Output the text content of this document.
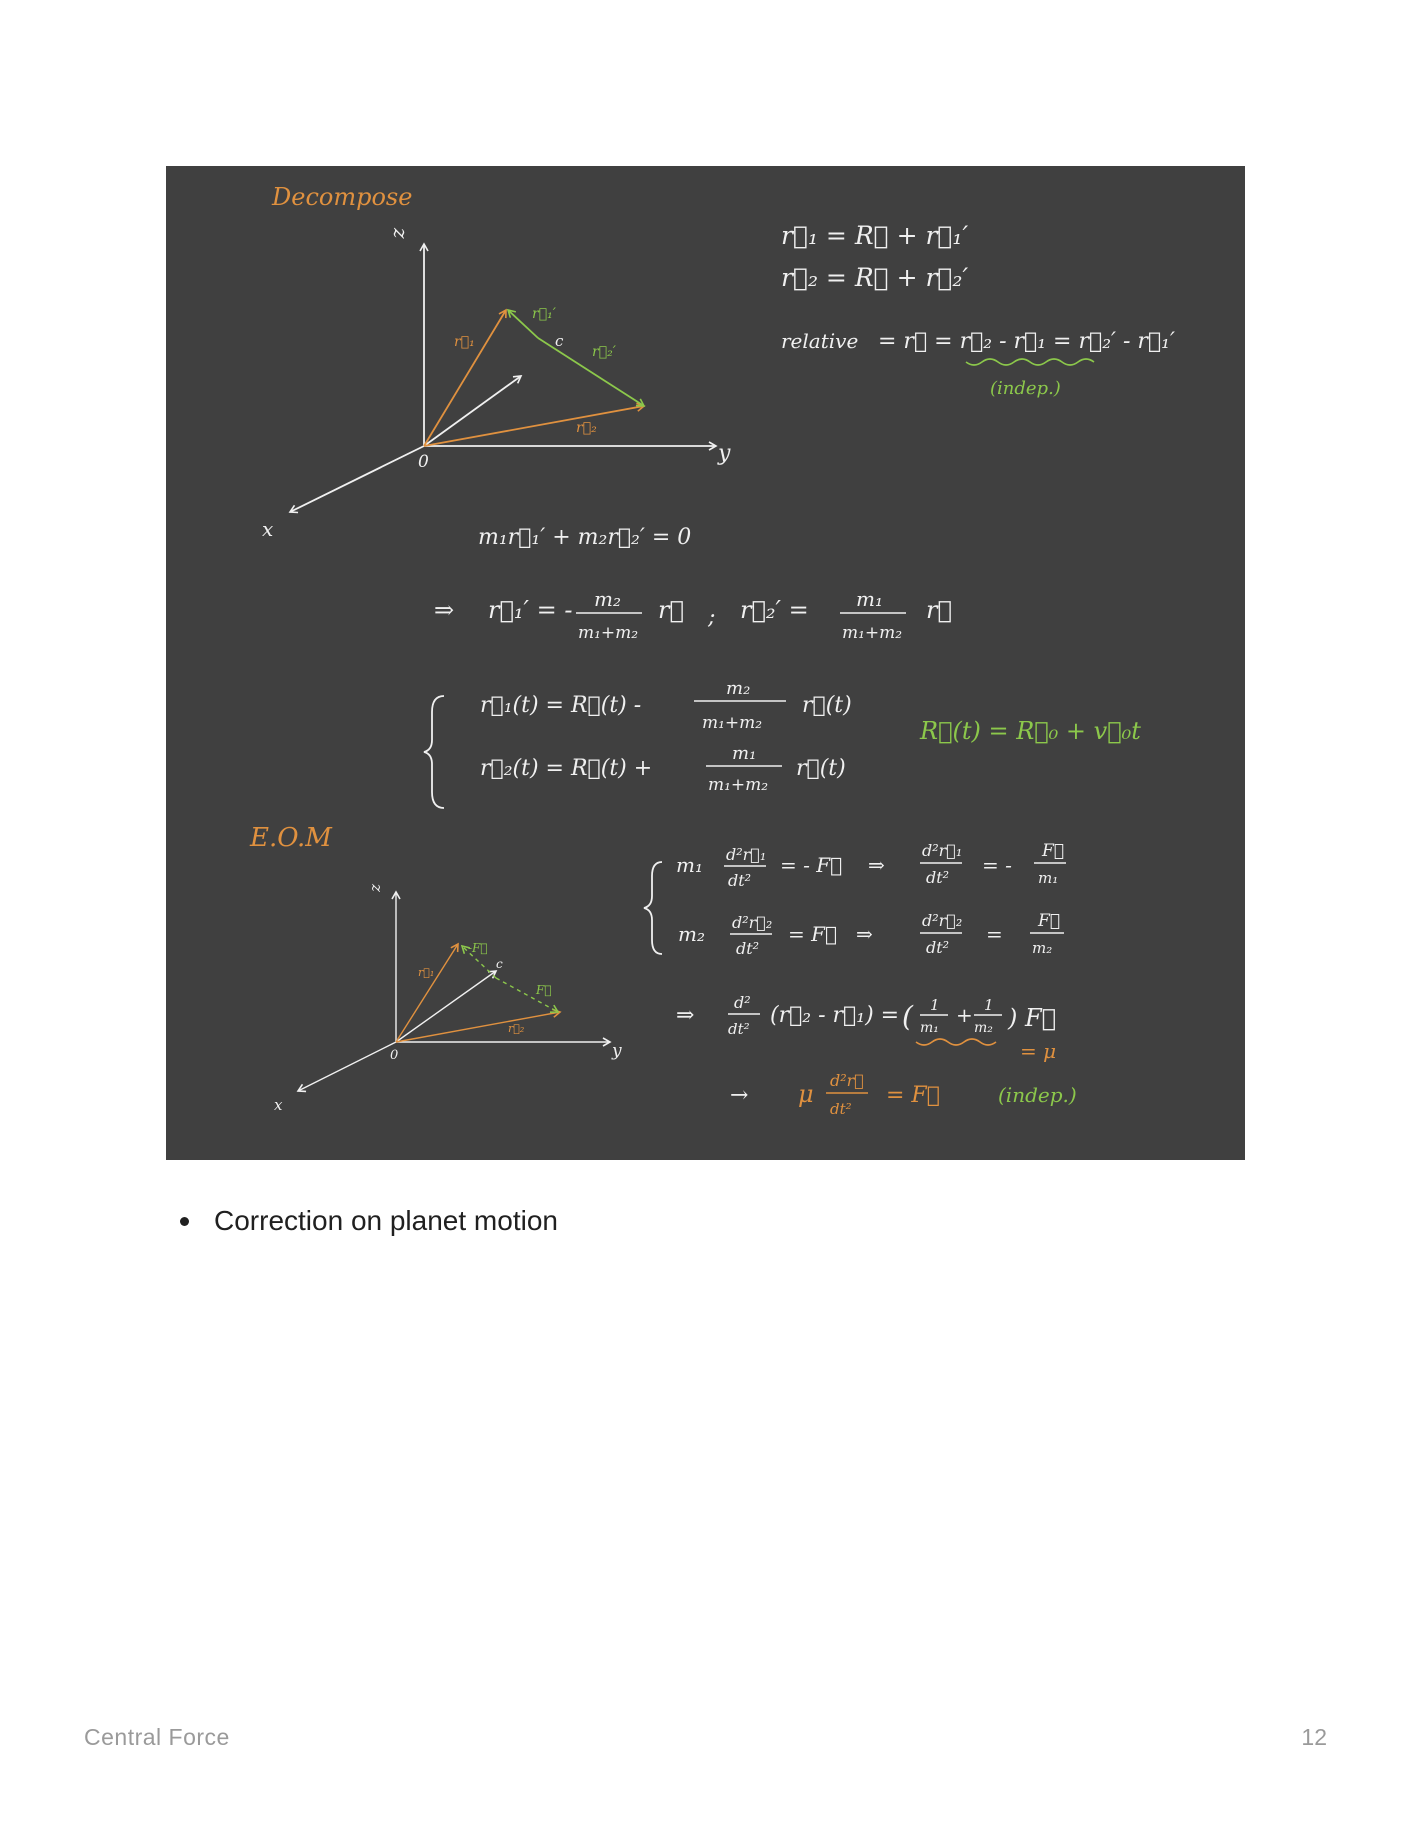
Decompose
z
y
x
0
r⃗₁
r⃗₂
r⃗₁′
r⃗₂′
c
r⃗₁ = R⃗ + r⃗₁′
r⃗₂ = R⃗ + r⃗₂′
relative = r⃗ = r⃗₂ - r⃗₁ = r⃗₂′ - r⃗₁′
(indep.)
m₁r⃗₁′ + m₂r⃗₂′ = 0
⇒ r⃗₁′ = - m₂
m₁+m₂
r⃗ ; r⃗₂′ = m₁
m₁+m₂
r⃗
r⃗₁(t) = R⃗(t) -
m₂
m₁+m₂
r⃗(t)
r⃗₂(t) = R⃗(t) +
m₁
m₁+m₂
r⃗(t)
R⃗(t) = R⃗₀ + v⃗₀t
E.O.M
z
y
x
0
r⃗₁
r⃗₂
-F⃗
F⃗
c
m₁ d²r⃗₁
dt²
= - F⃗ ⇒
d²r⃗₁
dt²
= -
F⃗
m₁
m₂ d²r⃗₂
dt²
= F⃗ ⇒
d²r⃗₂
dt²
=
F⃗
m₂
⇒
d²
dt²
(r⃗₂ - r⃗₁) = ( 1
m₁
+ 1
m₂ ) F⃗
= μ
→ μ d²r⃗
dt²
= F⃗	(indep.)
Correction on planet motion
Central Force	12
